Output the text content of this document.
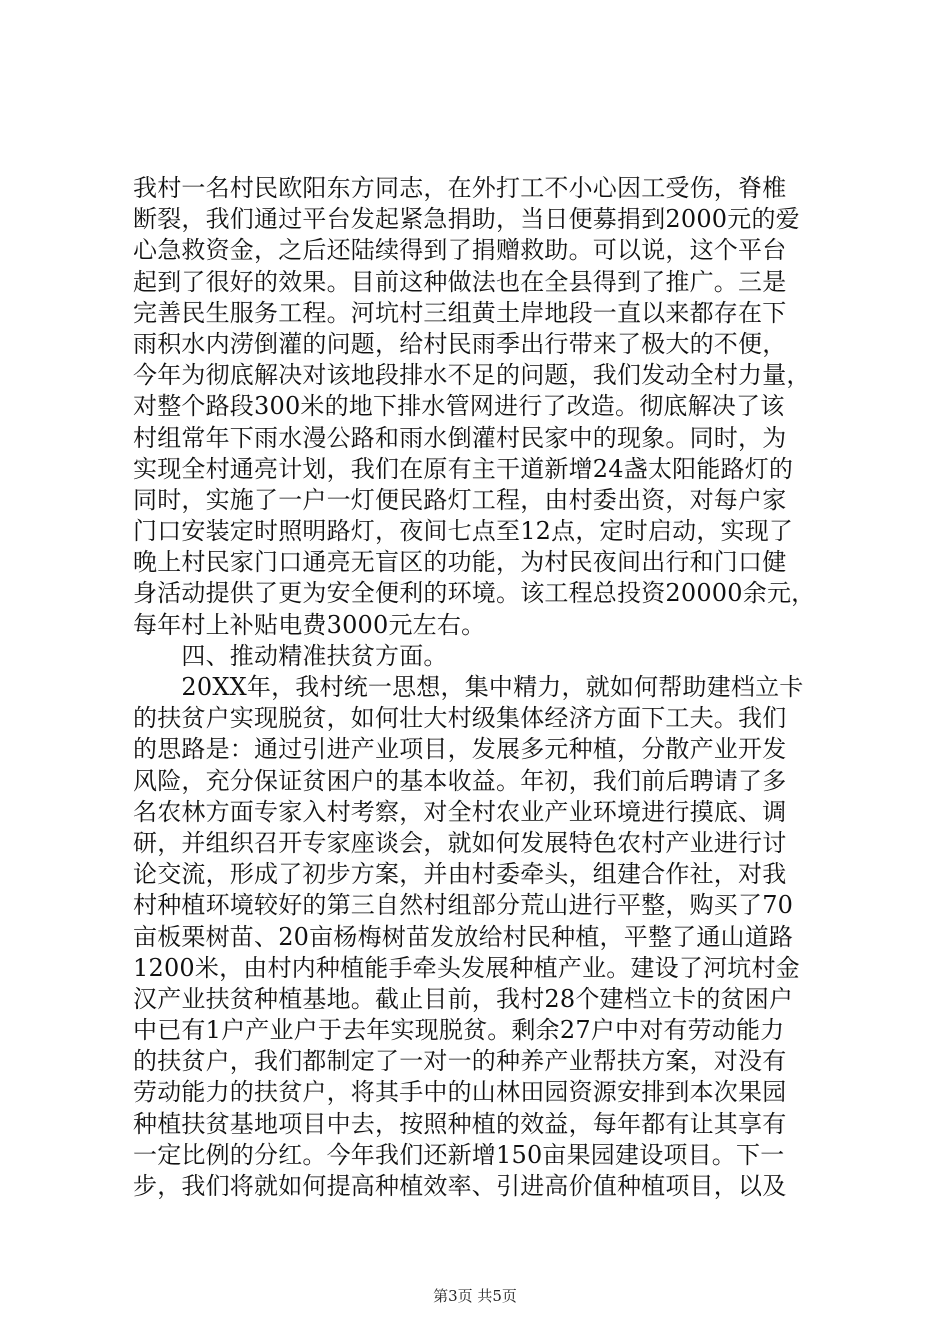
我村一名村民欧阳东方同志，在外打工不小心因工受伤，脊椎
断裂，我们通过平台发起紧急捐助，当日便募捐到2000元的爱
心急救资金，之后还陆续得到了捐赠救助。可以说，这个平台
起到了很好的效果。目前这种做法也在全县得到了推广。三是
完善民生服务工程。河坑村三组黄土岸地段一直以来都存在下
雨积水内涝倒灌的问题，给村民雨季出行带来了极大的不便，
今年为彻底解决对该地段排水不足的问题，我们发动全村力量，
对整个路段300米的地下排水管网进行了改造。彻底解决了该
村组常年下雨水漫公路和雨水倒灌村民家中的现象。同时，为
实现全村通亮计划，我们在原有主干道新增24盏太阳能路灯的
同时，实施了一户一灯便民路灯工程，由村委出资，对每户家
门口安装定时照明路灯，夜间七点至12点，定时启动，实现了
晚上村民家门口通亮无盲区的功能，为村民夜间出行和门口健
身活动提供了更为安全便利的环境。该工程总投资20000余元，
每年村上补贴电费3000元左右。
　　四、推动精准扶贫方面。
　　20XX年，我村统一思想，集中精力，就如何帮助建档立卡
的扶贫户实现脱贫，如何壮大村级集体经济方面下工夫。我们
的思路是：通过引进产业项目，发展多元种植，分散产业开发
风险，充分保证贫困户的基本收益。年初，我们前后聘请了多
名农林方面专家入村考察，对全村农业产业环境进行摸底、调
研，并组织召开专家座谈会，就如何发展特色农村产业进行讨
论交流，形成了初步方案，并由村委牵头，组建合作社，对我
村种植环境较好的第三自然村组部分荒山进行平整，购买了70
亩板栗树苗、20亩杨梅树苗发放给村民种植，平整了通山道路
1200米，由村内种植能手牵头发展种植产业。建设了河坑村金
汉产业扶贫种植基地。截止目前，我村28个建档立卡的贫困户
中已有1户产业户于去年实现脱贫。剩余27户中对有劳动能力
的扶贫户，我们都制定了一对一的种养产业帮扶方案，对没有
劳动能力的扶贫户，将其手中的山林田园资源安排到本次果园
种植扶贫基地项目中去，按照种植的效益，每年都有让其享有
一定比例的分红。今年我们还新增150亩果园建设项目。下一
步，我们将就如何提高种植效率、引进高价值种植项目，以及
第3页 共5页
